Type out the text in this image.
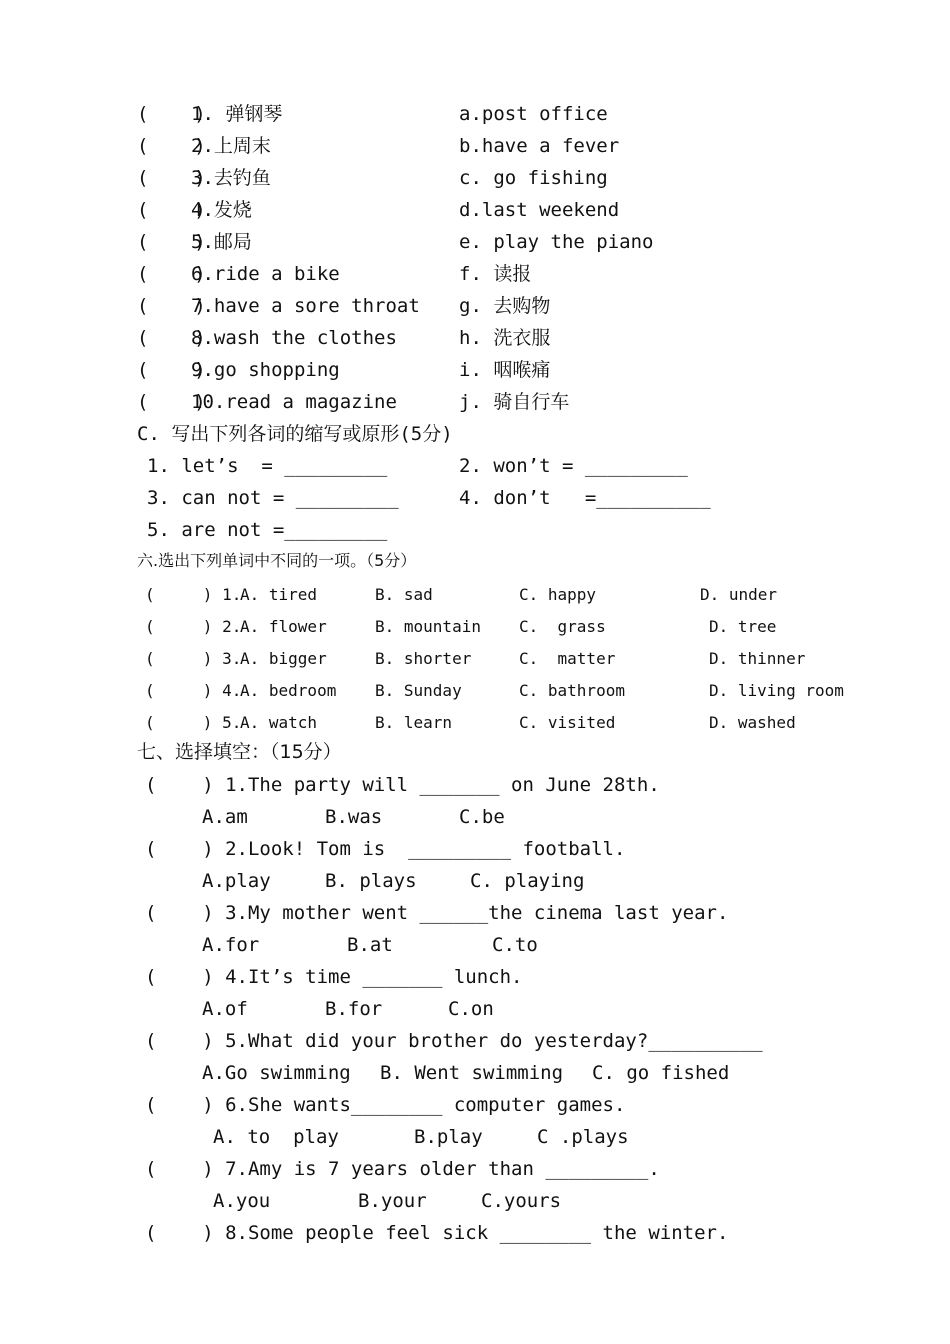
(    )
1. 弹钢琴	a.post office
(    )
2.上周末	b.have a fever
(    )
3.去钓鱼	c. go fishing
(    )
4.发烧	d.last weekend
(    )
5.邮局	e. play the piano
(    )
6.ride a bike	f. 读报
(    )
7.have a sore throat g. 去购物
(    )
8.wash the clothes	h. 洗衣服
(    )
9.go shopping	i. 咽喉痛
(    )
10.read a magazine	j. 骑自行车
C. 写出下列各词的缩写或原形(5分)
1. let’s  = _________	2. won’t = _________
3. can not = _________	4. don’t   =__________
5. are not =_________
六.选出下列单词中不同的一项。（5分）
(     ) 1.
A. tired	B. sad	C. happy	D. under
(     ) 2.
A. flower	B. mountain C.  grass	D. tree
(     ) 3.
A. bigger	B. shorter	C.  matter	D. thinner
(     ) 4.
A. bedroom B. Sunday	C. bathroom	D. living room
(     ) 5.
A. watch	B. learn	C. visited	D. washed
七、选择填空：（15分）
(    ) 1.The party will _______ on June 28th.
A.am	B.was	C.be
(    ) 2.Look! Tom is  _________ football.
A.play	B. plays	C. playing
(    ) 3.My mother went ______the cinema last year.
A.for	B.at	C.to
(    ) 4.It’s time _______ lunch.
A.of	B.for	C.on
(    ) 5.What did your brother do yesterday?__________
A.Go swimming B. Went swimming C. go fished
(    ) 6.She wants________ computer games.
A. to  play	B.play	C .plays
(    ) 7.Amy is 7 years older than _________.
A.you	B.your	C.yours
(    ) 8.Some people feel sick ________ the winter.
